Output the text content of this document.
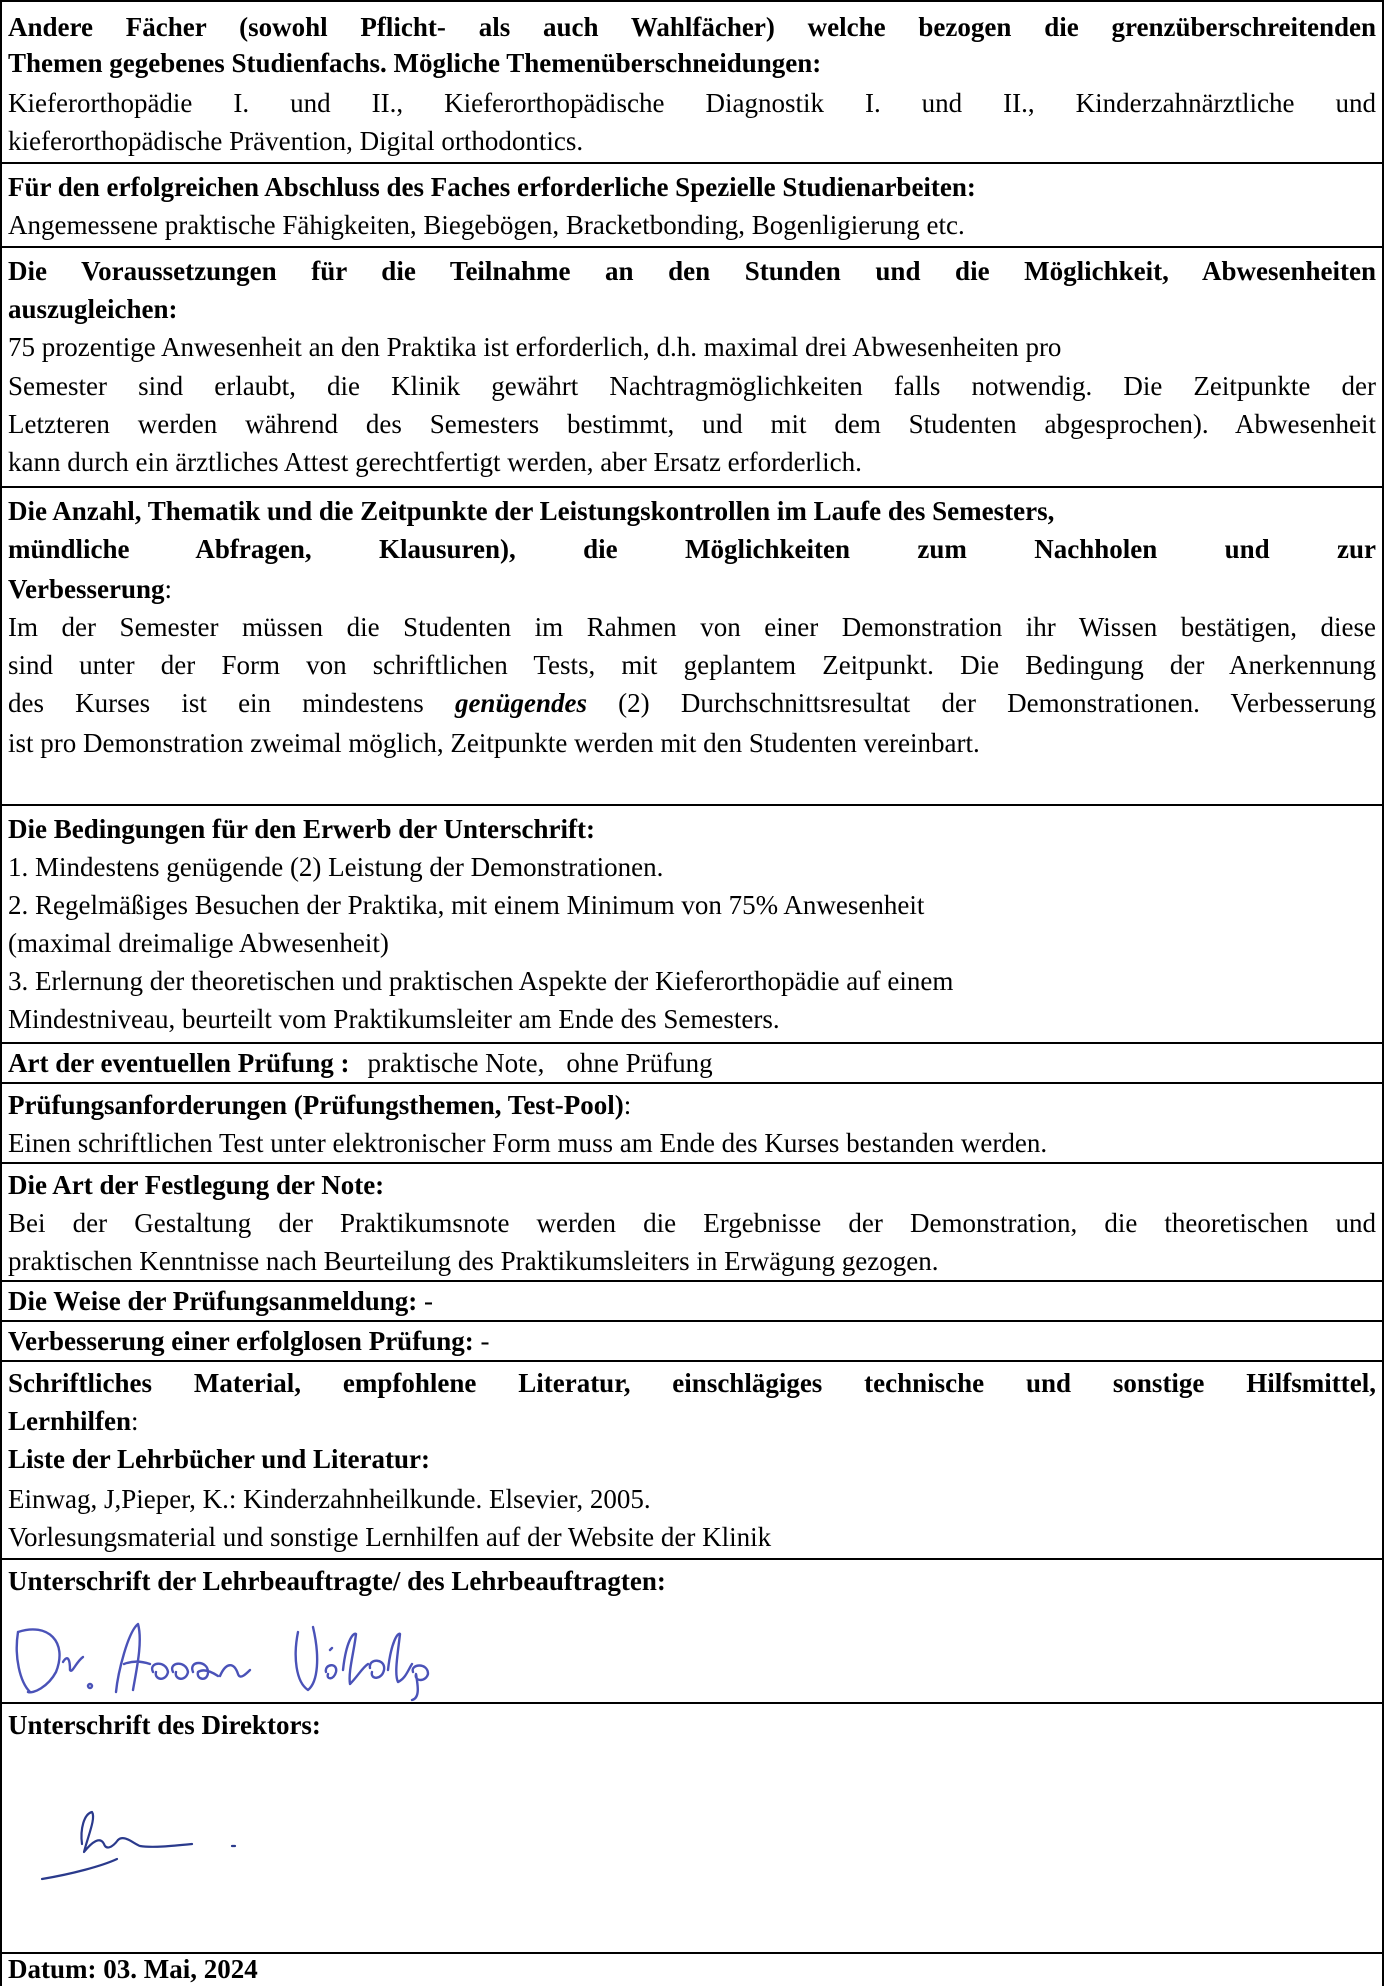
Andere Fächer (sowohl Pflicht- als auch Wahlfächer) welche bezogen die grenzüberschreitenden
Themen gegebenes Studienfachs. Mögliche Themenüberschneidungen:
Kieferorthopädie I. und II., Kieferorthopädische Diagnostik I. und II., Kinderzahnärztliche und
kieferorthopädische Prävention, Digital orthodontics.
Für den erfolgreichen Abschluss des Faches erforderliche Spezielle Studienarbeiten:
Angemessene praktische Fähigkeiten, Biegebögen, Bracketbonding, Bogenligierung etc.
Die Voraussetzungen für die Teilnahme an den Stunden und die Möglichkeit, Abwesenheiten
auszugleichen:
75 prozentige Anwesenheit an den Praktika ist erforderlich, d.h. maximal drei Abwesenheiten pro
Semester sind erlaubt, die Klinik gewährt Nachtragmöglichkeiten falls notwendig. Die Zeitpunkte der
Letzteren werden während des Semesters bestimmt, und mit dem Studenten abgesprochen). Abwesenheit
kann durch ein ärztliches Attest gerechtfertigt werden, aber Ersatz erforderlich.
Die Anzahl, Thematik und die Zeitpunkte der Leistungskontrollen im Laufe des Semesters,
mündliche Abfragen, Klausuren), die Möglichkeiten zum Nachholen und zur
Verbesserung:
Im der Semester müssen die Studenten im Rahmen von einer Demonstration ihr Wissen bestätigen, diese
sind unter der Form von schriftlichen Tests, mit geplantem Zeitpunkt. Die Bedingung der Anerkennung
des Kurses ist ein mindestens genügendes (2) Durchschnittsresultat der Demonstrationen. Verbesserung
ist pro Demonstration zweimal möglich, Zeitpunkte werden mit den Studenten vereinbart.
Die Bedingungen für den Erwerb der Unterschrift:
1. Mindestens genügende (2) Leistung der Demonstrationen.
2. Regelmäßiges Besuchen der Praktika, mit einem Minimum von 75% Anwesenheit
(maximal dreimalige Abwesenheit)
3. Erlernung der theoretischen und praktischen Aspekte der Kieferorthopädie auf einem
Mindestniveau, beurteilt vom Praktikumsleiter am Ende des Semesters.
Art der eventuellen Prüfung : praktische Note, ohne Prüfung
Prüfungsanforderungen (Prüfungsthemen, Test-Pool):
Einen schriftlichen Test unter elektronischer Form muss am Ende des Kurses bestanden werden.
Die Art der Festlegung der Note:
Bei der Gestaltung der Praktikumsnote werden die Ergebnisse der Demonstration, die theoretischen und
praktischen Kenntnisse nach Beurteilung des Praktikumsleiters in Erwägung gezogen.
Die Weise der Prüfungsanmeldung: -
Verbesserung einer erfolglosen Prüfung: -
Schriftliches Material, empfohlene Literatur, einschlägiges technische und sonstige Hilfsmittel,
Lernhilfen:
Liste der Lehrbücher und Literatur:
Einwag, J,Pieper, K.: Kinderzahnheilkunde. Elsevier, 2005.
Vorlesungsmaterial und sonstige Lernhilfen auf der Website der Klinik
Unterschrift der Lehrbeauftragte/ des Lehrbeauftragten:
Unterschrift des Direktors:
Datum: 03. Mai, 2024
